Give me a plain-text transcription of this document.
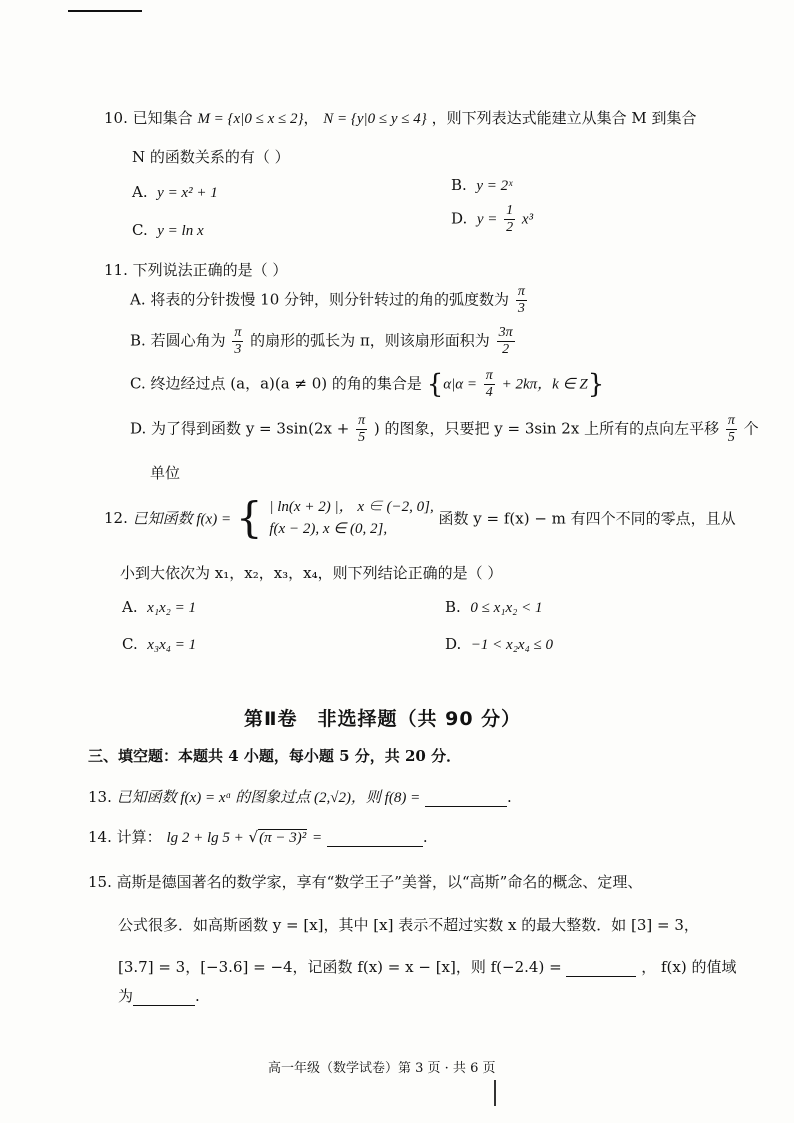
10. 已知集合 M = {x|0 ≤ x ≤ 2}， N = {y|0 ≤ y ≤ 4} ，则下列表达式能建立从集合 M 到集合
N 的函数关系的有（ ）
A. y = x² + 1	B. y = 2ˣ
C. y = ln x
D. $y = \frac{1}{2} x^3$
11. 下列说法正确的是（ ）
A. 将表的分针拨慢 10 分钟，则分针转过的角的弧度数为 $\frac{\pi}{3}$
B. 若圆心角为 $\frac{\pi}{3}$ 的扇形的弧长为 π，则该扇形面积为 $\frac{3\pi}{2}$
C. 终边经过点 (a，a)(a ≠ 0) 的角的集合是 {$\alpha|\alpha = \frac{\pi}{4} + 2k\pi$，k ∈ Z}
D. 为了得到函数 $y = 3\sin(2x + \frac{\pi}{5}$ ) 的图象，只要把 y = 3sin 2x 上所有的点向左平移 $\frac{\pi}{5}$ 个
单位
12. 已知函数 f(x) = { | ln(x + 2) |， x ∈ (−2, 0],
f(x − 2), x ∈ (0, 2], 函数 y = f(x) − m 有四个不同的零点，且从
小到大依次为 x₁，x₂，x₃，x₄，则下列结论正确的是（ ）
A. x₁x₂ = 1	B. 0 ≤ x₁x₂ < 1
C. x₃x₄ = 1	D. −1 < x₂x₄ ≤ 0
第Ⅱ卷　非选择题（共 90 分）
三、填空题：本题共 4 小题，每小题 5 分，共 20 分．
13. 已知函数 f(x) = xᵅ 的图象过点 (2,√2)，则 f(8) =	.
14. 计算： lg 2 + lg 5 + √(π − 3)² =	.
15. 高斯是德国著名的数学家，享有“数学王子”美誉，以“高斯”命名的概念、定理、
公式很多．如高斯函数 y = [x]，其中 [x] 表示不超过实数 x 的最大整数．如 [3] = 3，
[3.7] = 3，[−3.6] = −4，记函数 f(x) = x − [x]，则 f(−2.4) =	， f(x) 的值域
为	.
高一年级（数学试卷）第 3 页 · 共 6 页
